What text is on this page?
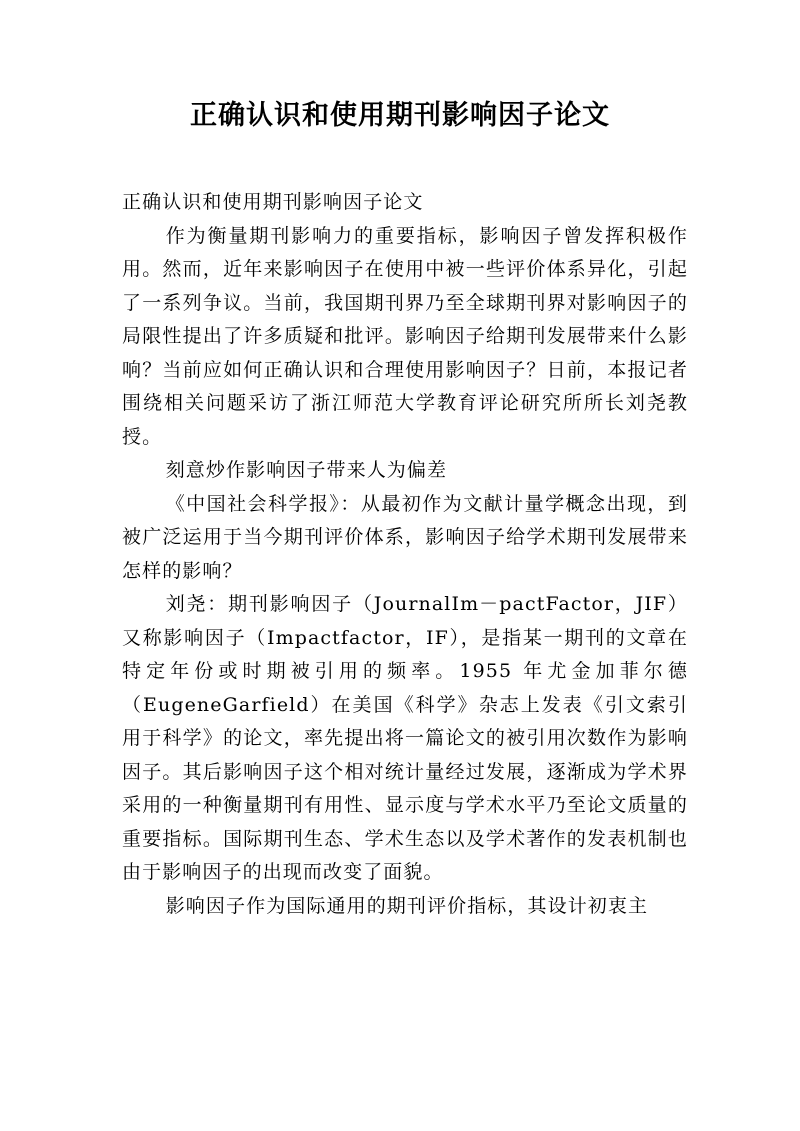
正确认识和使用期刊影响因子论文

正确认识和使用期刊影响因子论文

作为衡量期刊影响力的重要指标，影响因子曾发挥积极作用。然而，近年来影响因子在使用中被一些评价体系异化，引起了一系列争议。当前，我国期刊界乃至全球期刊界对影响因子的局限性提出了许多质疑和批评。影响因子给期刊发展带来什么影响？当前应如何正确认识和合理使用影响因子？日前，本报记者围绕相关问题采访了浙江师范大学教育评论研究所所长刘尧教授。

刻意炒作影响因子带来人为偏差

《中国社会科学报》：从最初作为文献计量学概念出现，到被广泛运用于当今期刊评价体系，影响因子给学术期刊发展带来怎样的影响？

刘尧：期刊影响因子（JournalIm－pactFactor，JIF）又称影响因子（Impactfactor，IF），是指某一期刊的文章在特定年份或时期被引用的频率。1955 年尤金加菲尔德（EugeneGarfield）在美国《科学》杂志上发表《引文索引用于科学》的论文，率先提出将一篇论文的被引用次数作为影响因子。其后影响因子这个相对统计量经过发展，逐渐成为学术界采用的一种衡量期刊有用性、显示度与学术水平乃至论文质量的重要指标。国际期刊生态、学术生态以及学术著作的发表机制也由于影响因子的出现而改变了面貌。

影响因子作为国际通用的期刊评价指标，其设计初衷主
